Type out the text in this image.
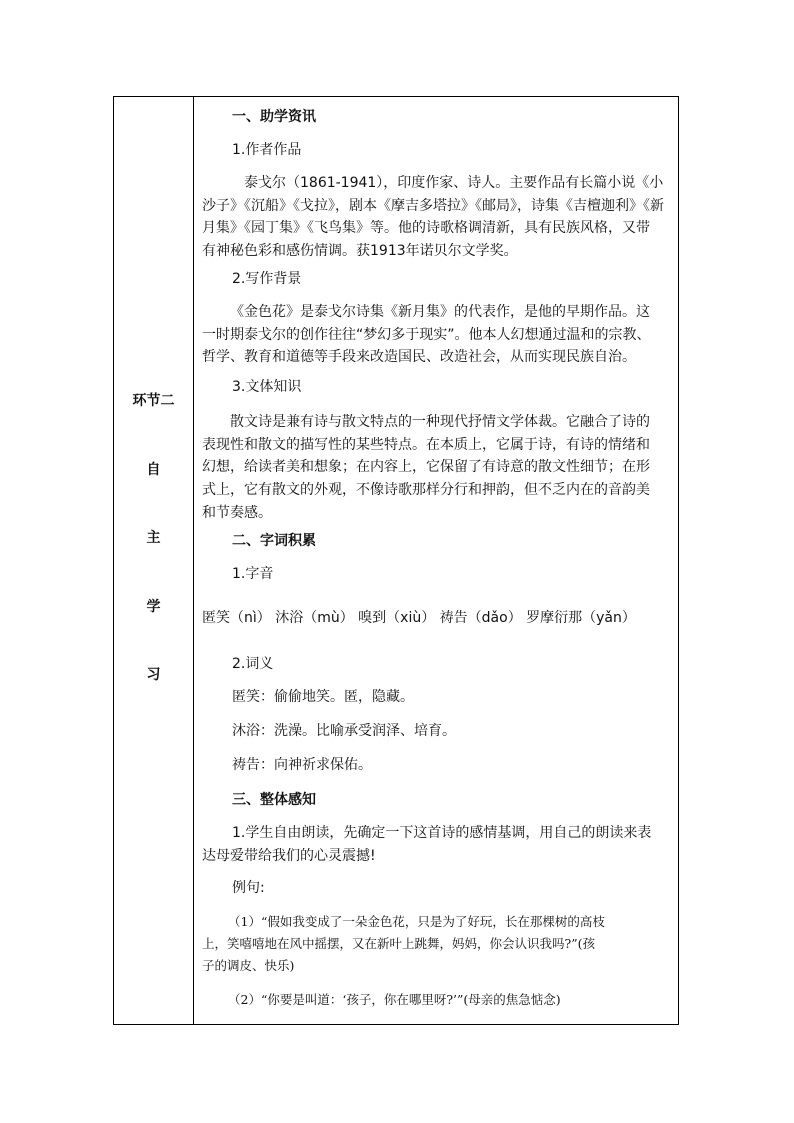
环节二
自
主
学
习
一、助学资讯
1.作者作品
泰戈尔（1861-1941），印度作家、诗人。主要作品有长篇小说《小
沙子》《沉船》《戈拉》，剧本《摩吉多塔拉》《邮局》，诗集《吉檀迦利》《新
月集》《园丁集》《飞鸟集》等。他的诗歌格调清新，具有民族风格，又带
有神秘色彩和感伤情调。获1913年诺贝尔文学奖。
2.写作背景
《金色花》是泰戈尔诗集《新月集》的代表作，是他的早期作品。这
一时期泰戈尔的创作往往“梦幻多于现实”。他本人幻想通过温和的宗教、
哲学、教育和道德等手段来改造国民、改造社会，从而实现民族自治。
3.文体知识
散文诗是兼有诗与散文特点的一种现代抒情文学体裁。它融合了诗的
表现性和散文的描写性的某些特点。在本质上，它属于诗，有诗的情绪和
幻想，给读者美和想象；在内容上，它保留了有诗意的散文性细节；在形
式上，它有散文的外观，不像诗歌那样分行和押韵，但不乏内在的音韵美
和节奏感。
二、字词积累
1.字音
匿笑（nì） 沐浴（mù） 嗅到（xiù） 祷告（dǎo） 罗摩衍那（yǎn）
2.词义
匿笑：偷偷地笑。匿，隐藏。
沐浴：洗澡。比喻承受润泽、培育。
祷告：向神祈求保佑。
三、整体感知
1.学生自由朗读，先确定一下这首诗的感情基调，用自己的朗读来表
达母爱带给我们的心灵震撼!
例句:
（1）“假如我变成了一朵金色花，只是为了好玩，长在那棵树的高枝
上，笑嘻嘻地在风中摇摆，又在新叶上跳舞，妈妈，你会认识我吗?”(孩
子的调皮、快乐)
（2）“你要是叫道：‘孩子，你在哪里呀?’”(母亲的焦急惦念)
